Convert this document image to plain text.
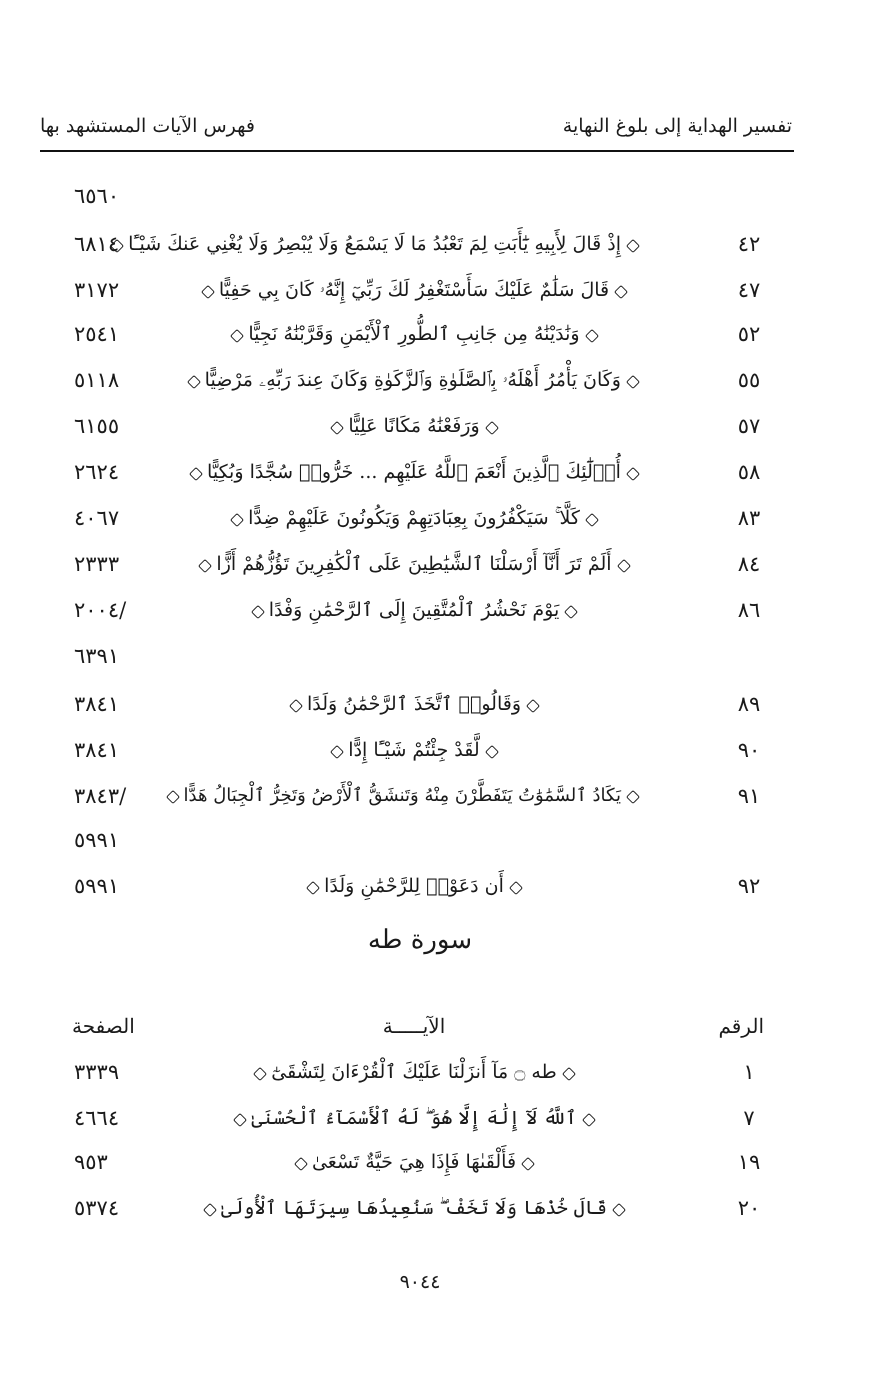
تفسير الهداية إلى بلوغ النهاية
فهرس الآيات المستشهد بها
٦٥٦٠
٤٢
إِذْ قَالَ لِأَبِيهِ يَٰٓأَبَتِ لِمَ تَعْبُدُ مَا لَا يَسْمَعُ وَلَا يُبْصِرُ وَلَا يُغْنِي عَنكَ شَيْـًٔا
٦٨١٤
٤٧
قَالَ سَلَٰمٌ عَلَيْكَ سَأَسْتَغْفِرُ لَكَ رَبِّيٓ إِنَّهُۥ كَانَ بِي حَفِيًّا
٣١٧٢
٥٢
وَنَٰدَيْنَٰهُ مِن جَانِبِ ٱلطُّورِ ٱلْأَيْمَنِ وَقَرَّبْنَٰهُ نَجِيًّا
٢٥٤١
٥٥
وَكَانَ يَأْمُرُ أَهْلَهُۥ بِٱلصَّلَوٰةِ وَٱلزَّكَوٰةِ وَكَانَ عِندَ رَبِّهِۦ مَرْضِيًّا
٥١١٨
٥٧
وَرَفَعْنَٰهُ مَكَانًا عَلِيًّا
٦١٥٥
٥٨
أُو۟لَٰٓئِكَ ٱلَّذِينَ أَنْعَمَ ٱللَّهُ عَلَيْهِم ... خَرُّوا۟ سُجَّدًا وَبُكِيًّا
٢٦٢٤
٨٣
كَلَّا ۚ سَيَكْفُرُونَ بِعِبَادَتِهِمْ وَيَكُونُونَ عَلَيْهِمْ ضِدًّا
٤٠٦٧
٨٤
أَلَمْ تَرَ أَنَّآ أَرْسَلْنَا ٱلشَّيَٰطِينَ عَلَى ٱلْكَٰفِرِينَ تَؤُزُّهُمْ أَزًّا
٢٣٣٣
٨٦
يَوْمَ نَحْشُرُ ٱلْمُتَّقِينَ إِلَى ٱلرَّحْمَٰنِ وَفْدًا
/٢٠٠٤
٦٣٩١
٨٩
وَقَالُوا۟ ٱتَّخَذَ ٱلرَّحْمَٰنُ وَلَدًا
٣٨٤١
٩٠
لَّقَدْ جِئْتُمْ شَيْـًٔا إِدًّا
٣٨٤١
٩١
يَكَادُ ٱلسَّمَٰوَٰتُ يَتَفَطَّرْنَ مِنْهُ وَتَنشَقُّ ٱلْأَرْضُ وَتَخِرُّ ٱلْجِبَالُ هَدًّا
/٣٨٤٣
٥٩٩١
٩٢
أَن دَعَوْا۟ لِلرَّحْمَٰنِ وَلَدًا
٥٩٩١
سورة طه
الرقم
الآيـــــة
الصفحة
١
طه ۝ مَآ أَنزَلْنَا عَلَيْكَ ٱلْقُرْءَانَ لِتَشْقَىٰٓ
٣٣٣٩
٧
ٱللَّهُ لَآ إِلَٰهَ إِلَّا هُوَ ۖ لَهُ ٱلْأَسْمَآءُ ٱلْحُسْنَىٰ
٤٦٦٤
١٩
فَأَلْقَىٰهَا فَإِذَا هِيَ حَيَّةٌ تَسْعَىٰ
٩٥٣
٢٠
قَالَ خُذْهَا وَلَا تَخَفْ ۖ سَنُعِيدُهَا سِيرَتَهَا ٱلْأُولَىٰ
٥٣٧٤
٩٠٤٤
